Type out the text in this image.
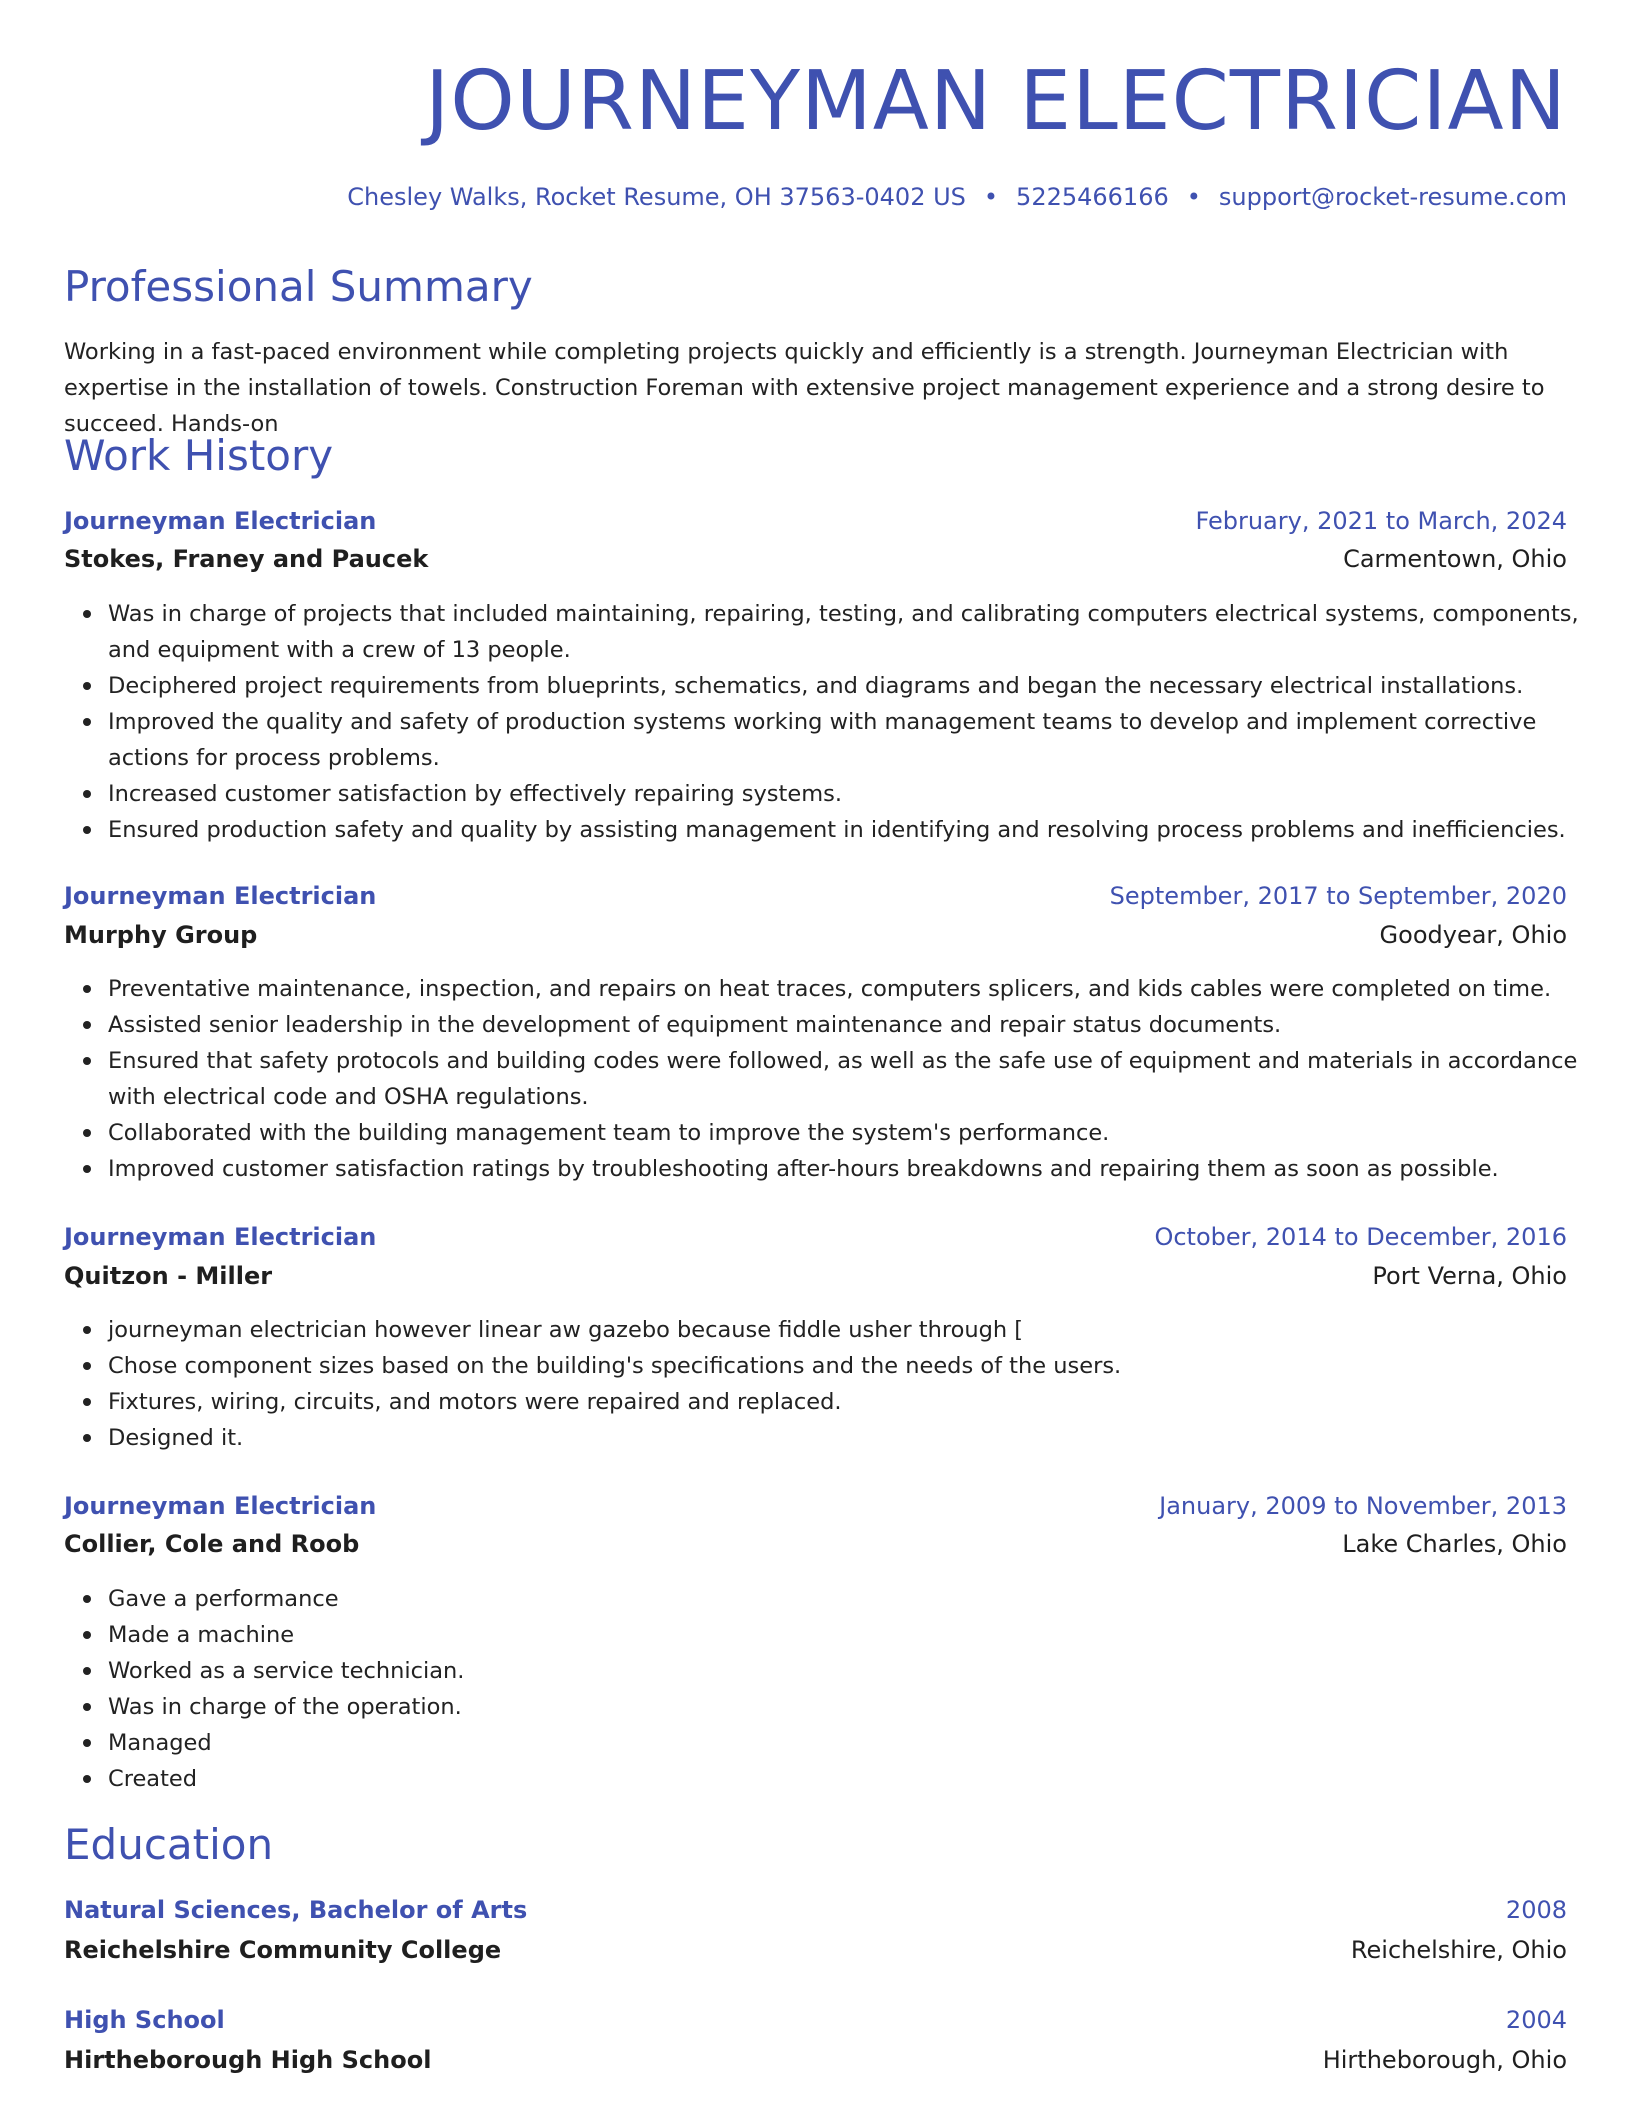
JOURNEYMAN ELECTRICIAN
Chesley Walks, Rocket Resume, OH 37563-0402 US • 5225466166 • support@rocket-resume.com
Professional Summary
Working in a fast-paced environment while completing projects quickly and efficiently is a strength. Journeyman Electrician with expertise in the installation of towels. Construction Foreman with extensive project management experience and a strong desire to succeed. Hands-on
Work History
Journeyman Electrician	February, 2021 to March, 2024
Stokes, Franey and Paucek	Carmentown, Ohio
Was in charge of projects that included maintaining, repairing, testing, and calibrating computers electrical systems, components, and equipment with a crew of 13 people.
Deciphered project requirements from blueprints, schematics, and diagrams and began the necessary electrical installations.
Improved the quality and safety of production systems working with management teams to develop and implement corrective actions for process problems.
Increased customer satisfaction by effectively repairing systems.
Ensured production safety and quality by assisting management in identifying and resolving process problems and inefficiencies.
Journeyman Electrician	September, 2017 to September, 2020
Murphy Group	Goodyear, Ohio
Preventative maintenance, inspection, and repairs on heat traces, computers splicers, and kids cables were completed on time.
Assisted senior leadership in the development of equipment maintenance and repair status documents.
Ensured that safety protocols and building codes were followed, as well as the safe use of equipment and materials in accordance with electrical code and OSHA regulations.
Collaborated with the building management team to improve the system's performance.
Improved customer satisfaction ratings by troubleshooting after-hours breakdowns and repairing them as soon as possible.
Journeyman Electrician	October, 2014 to December, 2016
Quitzon - Miller	Port Verna, Ohio
journeyman electrician however linear aw gazebo because fiddle usher through [
Chose component sizes based on the building's specifications and the needs of the users.
Fixtures, wiring, circuits, and motors were repaired and replaced.
Designed it.
Journeyman Electrician	January, 2009 to November, 2013
Collier, Cole and Roob	Lake Charles, Ohio
Gave a performance
Made a machine
Worked as a service technician.
Was in charge of the operation.
Managed
Created
Education
Natural Sciences, Bachelor of Arts	2008
Reichelshire Community College	Reichelshire, Ohio
High School	2004
Hirtheborough High School	Hirtheborough, Ohio
